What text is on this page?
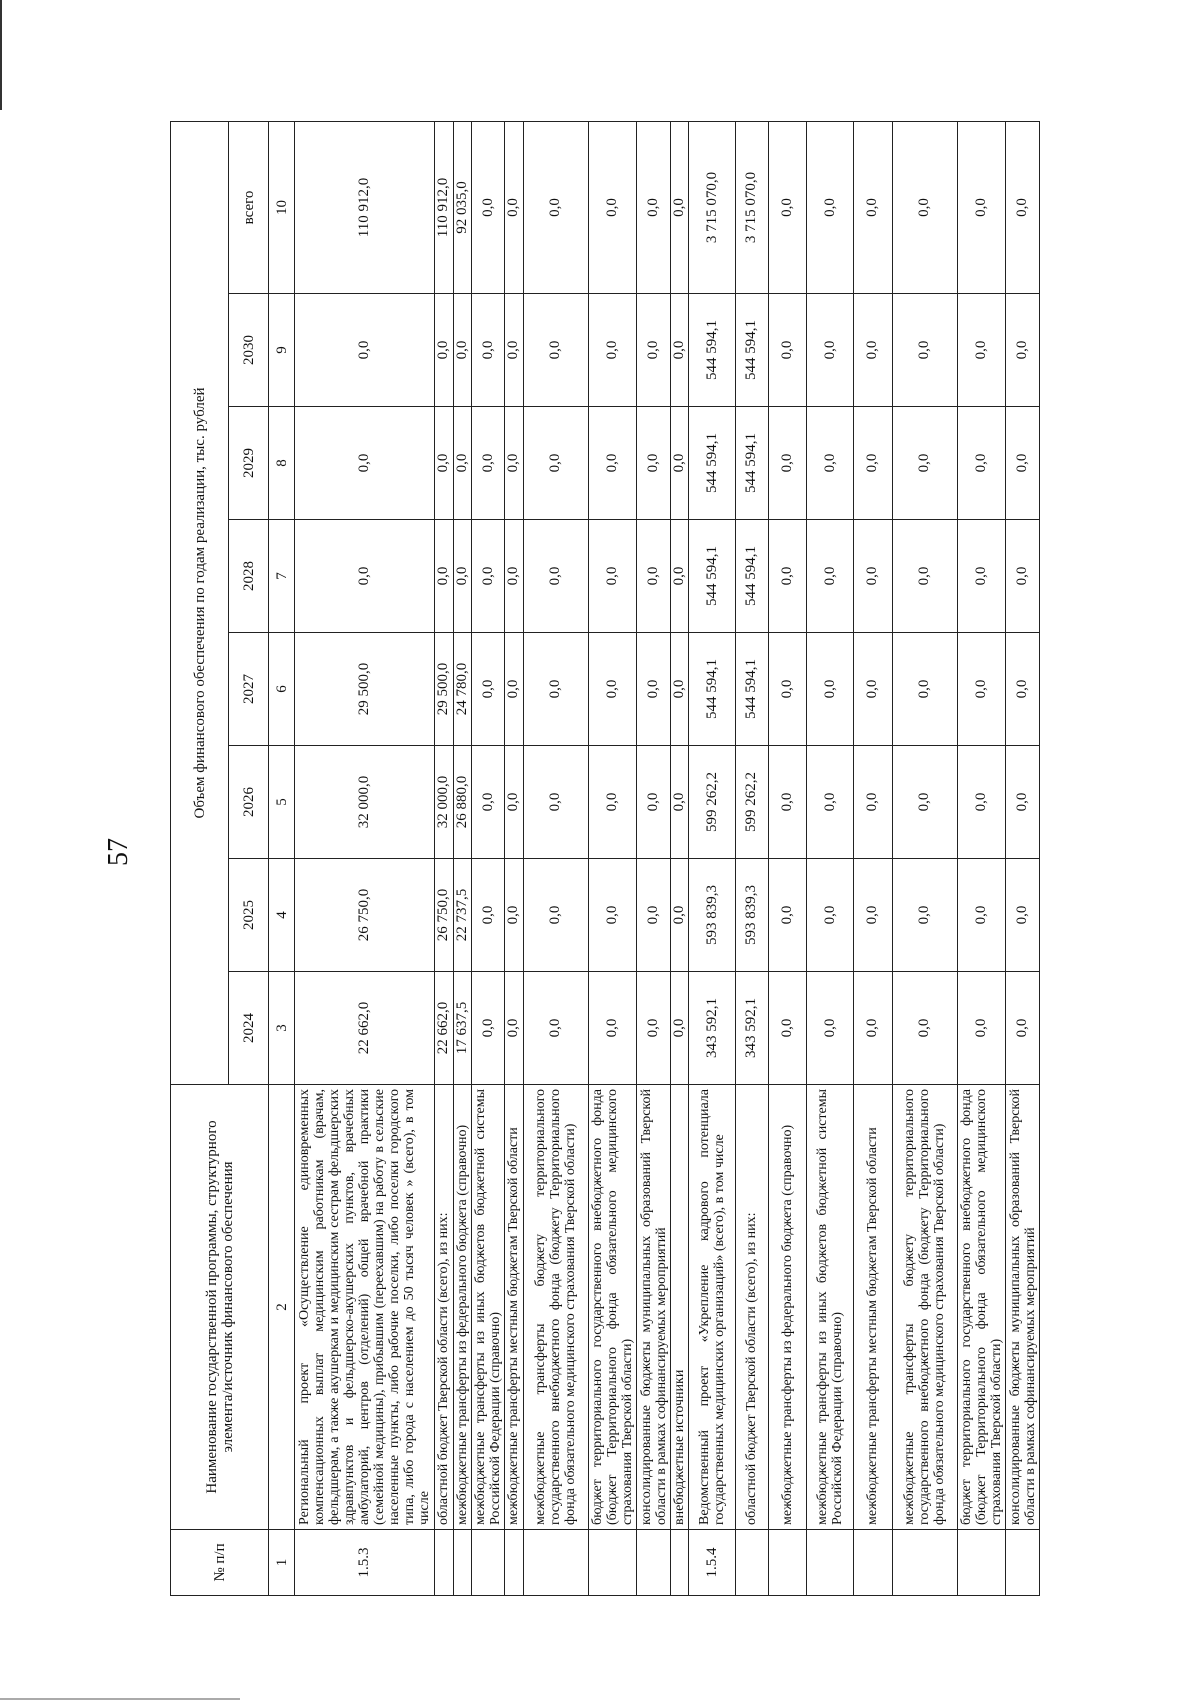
57
№ п/п	Наименование государственной программы, структурного элемента/источник финансового обеспечения	Объем финансового обеспечения по годам реализации, тыс. рублей							
		2024	2025	2026	2027	2028	2029	2030	всего
1	2	3	4	5	6	7	8	9	10
1.5.3	Региональный проект «Осуществление единовременных компенсационных выплат медицинским работникам (врачам, фельдшерам, а также акушеркам и медицинским сестрам фельдшерских здравпунктов и фельдшерско-акушерских пунктов, врачебных амбулаторий, центров (отделений) общей врачебной практики (семейной медицины), прибывшим (переехавшим) на работу в сельские населенные пункты, либо рабочие поселки, либо поселки городского типа, либо города с населением до 50 тысяч человек » (всего), в том числе	22 662,0	26 750,0	32 000,0	29 500,0	0,0	0,0	0,0	110 912,0
	областной бюджет Тверской области (всего), из них:	22 662,0	26 750,0	32 000,0	29 500,0	0,0	0,0	0,0	110 912,0
	межбюджетные трансферты из федерального бюджета (справочно)	17 637,5	22 737,5	26 880,0	24 780,0	0,0	0,0	0,0	92 035,0
	межбюджетные трансферты из иных бюджетов бюджетной системы Российской Федерации (справочно)	0,0	0,0	0,0	0,0	0,0	0,0	0,0	0,0
	межбюджетные трансферты местным бюджетам Тверской области	0,0	0,0	0,0	0,0	0,0	0,0	0,0	0,0
	межбюджетные трансферты бюджету территориального государственного внебюджетного фонда (бюджету Территориального фонда обязательного медицинского страхования Тверской области)	0,0	0,0	0,0	0,0	0,0	0,0	0,0	0,0
	бюджет территориального государственного внебюджетного фонда (бюджет Территориального фонда обязательного медицинского страхования Тверской области)	0,0	0,0	0,0	0,0	0,0	0,0	0,0	0,0
	консолидированные бюджеты муниципальных образований Тверской области в рамках софинансируемых мероприятий	0,0	0,0	0,0	0,0	0,0	0,0	0,0	0,0
	внебюджетные источники	0,0	0,0	0,0	0,0	0,0	0,0	0,0	0,0
1.5.4	Ведомственный проект «Укрепление кадрового потенциала государственных медицинских организаций» (всего), в том числе	343 592,1	593 839,3	599 262,2	544 594,1	544 594,1	544 594,1	544 594,1	3 715 070,0
	областной бюджет Тверской области (всего), из них:	343 592,1	593 839,3	599 262,2	544 594,1	544 594,1	544 594,1	544 594,1	3 715 070,0
	межбюджетные трансферты из федерального бюджета (справочно)	0,0	0,0	0,0	0,0	0,0	0,0	0,0	0,0
	межбюджетные трансферты из иных бюджетов бюджетной системы Российской Федерации (справочно)	0,0	0,0	0,0	0,0	0,0	0,0	0,0	0,0
	межбюджетные трансферты местным бюджетам Тверской области	0,0	0,0	0,0	0,0	0,0	0,0	0,0	0,0
	межбюджетные трансферты бюджету территориального государственного внебюджетного фонда (бюджету Территориального фонда обязательного медицинского страхования Тверской области)	0,0	0,0	0,0	0,0	0,0	0,0	0,0	0,0
	бюджет территориального государственного внебюджетного фонда (бюджет Территориального фонда обязательного медицинского страхования Тверской области)	0,0	0,0	0,0	0,0	0,0	0,0	0,0	0,0
	консолидированные бюджеты муниципальных образований Тверской области в рамках софинансируемых мероприятий	0,0	0,0	0,0	0,0	0,0	0,0	0,0	0,0
